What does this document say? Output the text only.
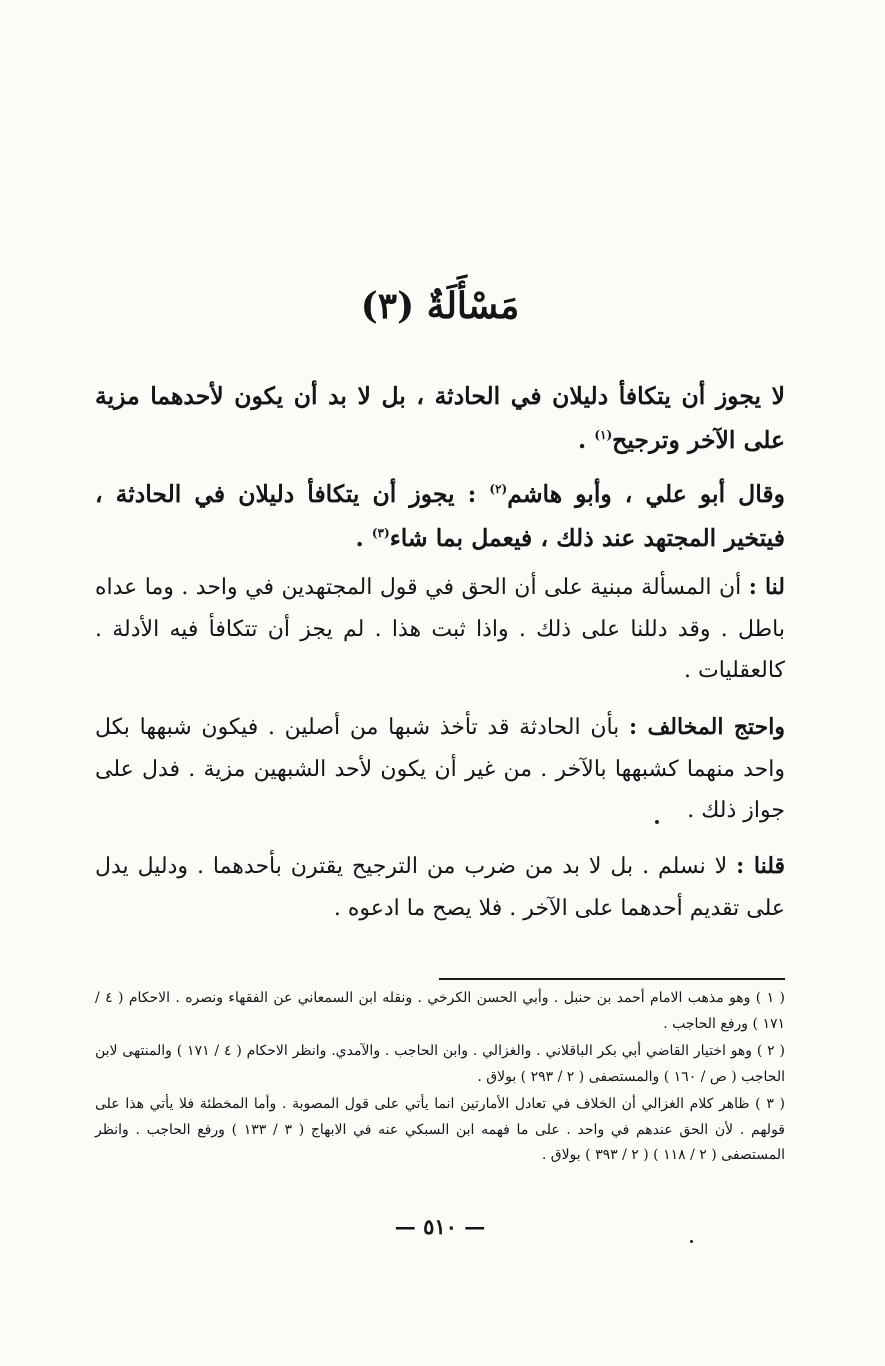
مَسْأَلَةٌ (٣)

لا يجوز أن يتكافأ دليلان في الحادثة ، بل لا بد أن يكون لأحدهما مزية على الآخر وترجيح$^{(١)}$ .

وقال أبو علي ، وأبو هاشم$^{(٢)}$ : يجوز أن يتكافأ دليلان في الحادثة ، فيتخير المجتهد عند ذلك ، فيعمل بما شاء$^{(٣)}$ .

لنا : أن المسألة مبنية على أن الحق في قول المجتهدين في واحد . وما عداه باطل . وقد دللنا على ذلك . واذا ثبت هذا . لم يجز أن تتكافأ فيه الأدلة . كالعقليات .

واحتج المخالف : بأن الحادثة قد تأخذ شبها من أصلين . فيكون شبهها بكل واحد منهما كشبهها بالآخر . من غير أن يكون لأحد الشبهين مزية . فدل على جواز ذلك .

قلنا : لا نسلم . بل لا بد من ضرب من الترجيح يقترن بأحدهما . ودليل يدل على تقديم أحدهما على الآخر . فلا يصح ما ادعوه .

( ١ ) وهو مذهب الامام أحمد بن حنبل . وأبي الحسن الكرخي . ونقله ابن السمعاني عن الفقهاء ونصره . الاحكام ( ٤ / ١٧١ ) ورفع الحاجب .

( ٢ ) وهو اختيار القاضي أبي بكر الباقلاني . والغزالي . وابن الحاجب . والآمدي. وانظر الاحكام ( ٤ / ١٧١ ) والمنتهى لابن الحاجب ( ص / ١٦٠ ) والمستصفى ( ٢ / ٢٩٣ ) بولاق .

( ٣ ) ظاهر كلام الغزالي أن الخلاف في تعادل الأمارتين انما يأتي على قول المصوبة . وأما المخطئة فلا يأتي هذا على قولهم . لأن الحق عندهم في واحد . على ما فهمه ابن السبكي عنه في الابهاج ( ٣ / ١٣٣ ) ورفع الحاجب . وانظر المستصفى ( ٢ / ١١٨ ) ( ٢ / ٣٩٣ ) بولاق .

— ٥١٠ —
